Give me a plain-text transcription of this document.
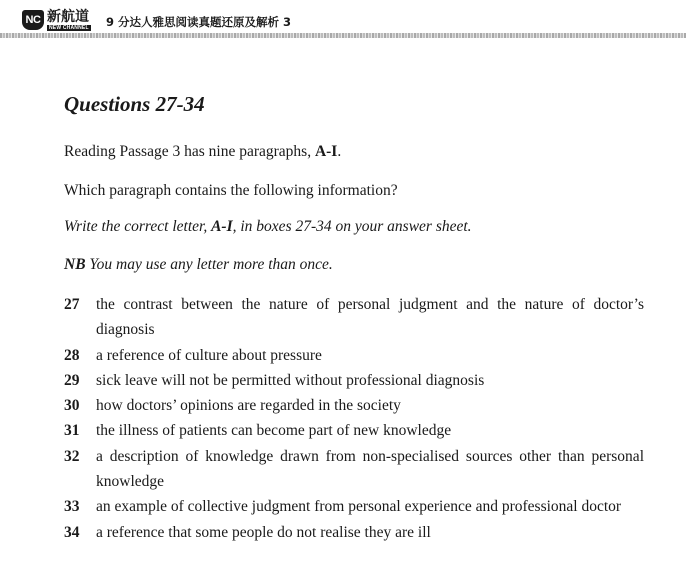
NC 新航道
NEW CHANNEL 9 分达人雅思阅读真题还原及解析 3
Questions 27-34

Reading Passage 3 has nine paragraphs, A-I.

Which paragraph contains the following information?

Write the correct letter, A-I, in boxes 27-34 on your answer sheet.

NB You may use any letter more than once.

27	the contrast between the nature of personal judgment and the nature of doctor’s diagnosis
28	a reference of culture about pressure
29	sick leave will not be permitted without professional diagnosis
30	how doctors’ opinions are regarded in the society
31	the illness of patients can become part of new knowledge
32	a description of knowledge drawn from non-specialised sources other than personal knowledge
33	an example of collective judgment from personal experience and professional doctor
34	a reference that some people do not realise they are ill
